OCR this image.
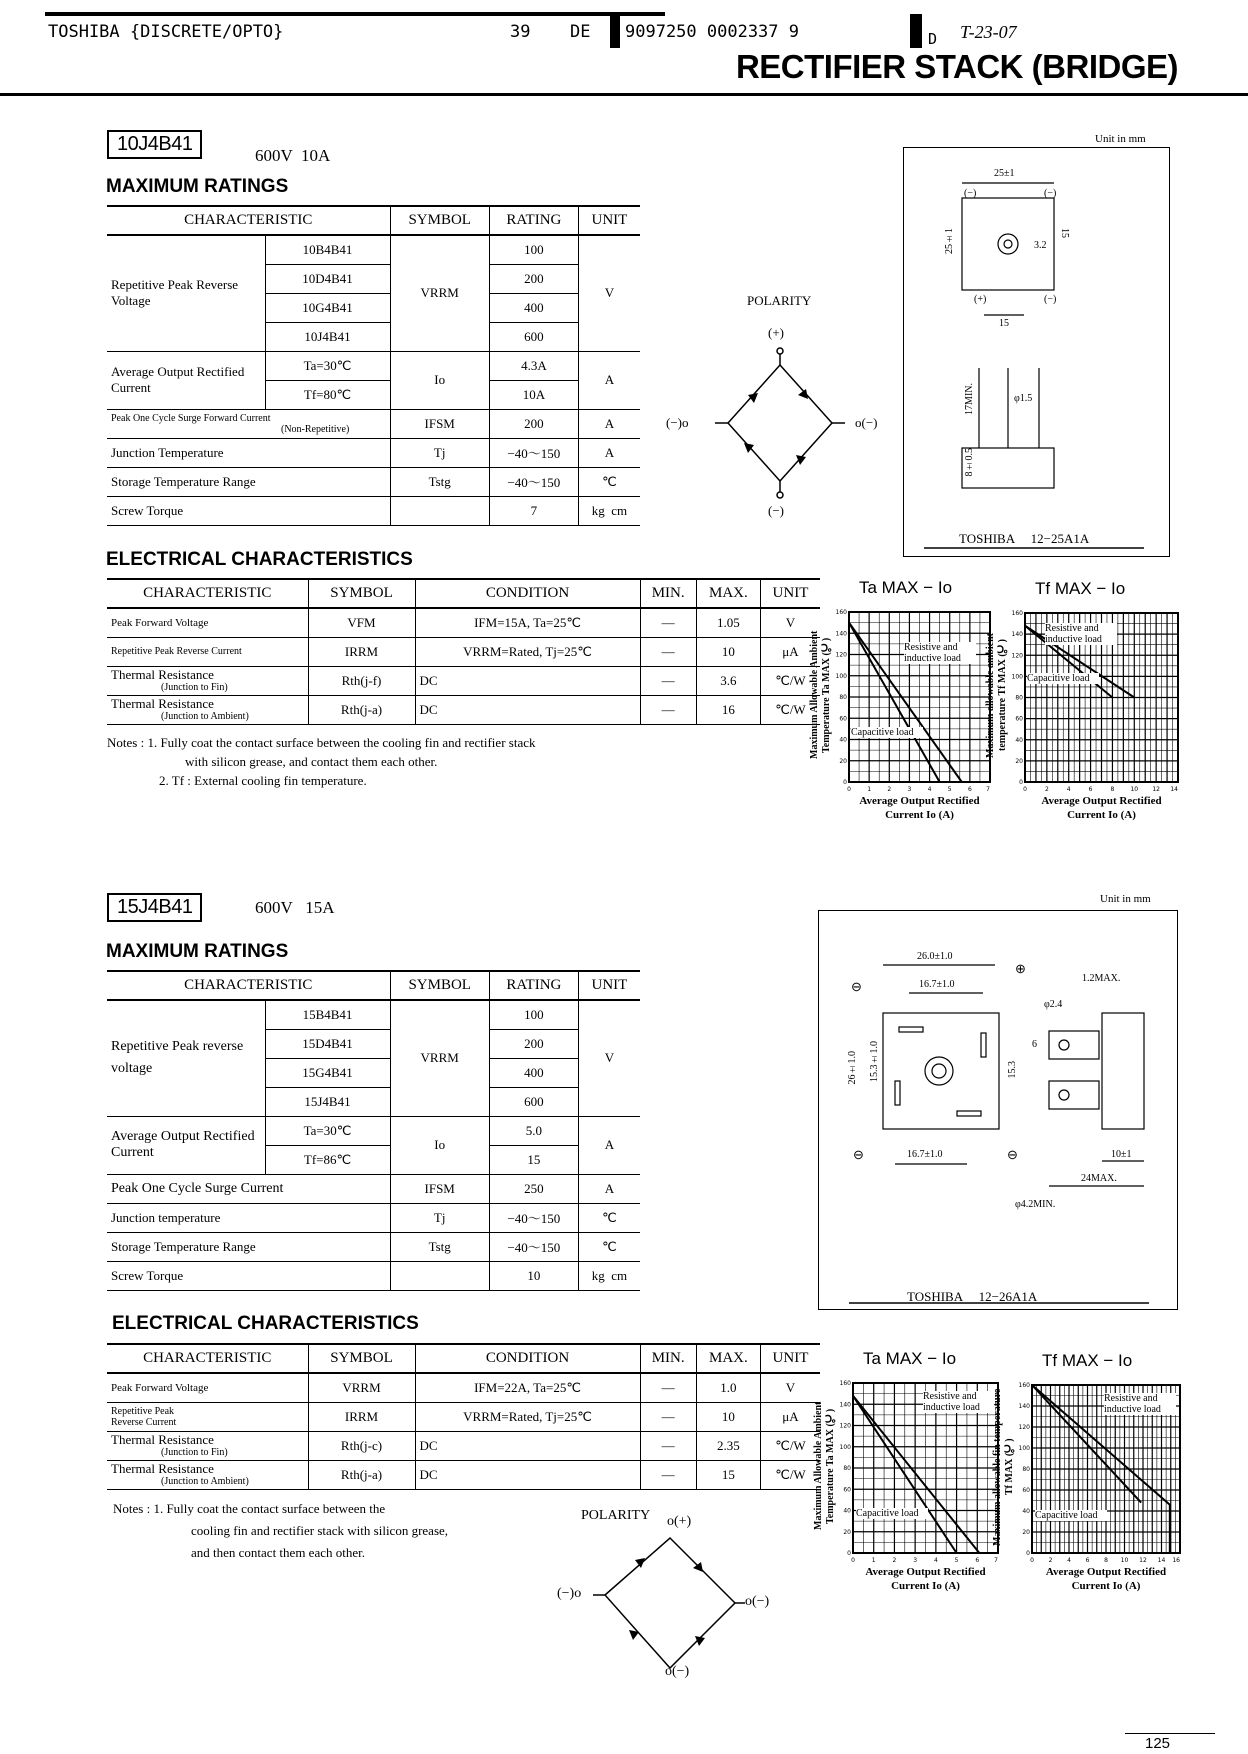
TOSHIBA {DISCRETE/OPTO}	39 DE 9097250 0002337 9	D T-23-07
RECTIFIER STACK (BRIDGE)
10J4B41
600V  10A
MAXIMUM RATINGS
CHARACTERISTIC		SYMBOL	RATING	UNIT
Repetitive Peak Reverse Voltage	10B4B41	VRRM	100	V
	10D4B41		200	
	10G4B41		400	
	10J4B41		600	
Average Output Rectified Current	Ta=30℃	Io	4.3A	A
	Tf=80℃		10A	
Peak One Cycle Surge Forward Current
(Non-Repetitive)		IFSM	200	A
Junction Temperature		Tj	−40～150	A
Storage Temperature Range		Tstg	−40～150	℃
Screw Torque			7	kg  cm
POLARITY
(+)
(−)o	o(−)
(−)
Unit in mm
25±1
(−)	(−)
(+)	(−)
25±1	3.2
15
15
φ1.5
17MIN.
8±0.5
TOSHIBA     12−25A1A
ELECTRICAL CHARACTERISTICS
CHARACTERISTIC	SYMBOL	CONDITION	MIN.	MAX.	UNIT
Peak Forward Voltage	VFM	IFM=15A, Ta=25℃	—	1.05	V
Repetitive Peak Reverse Current	IRRM	VRRM=Rated, Tj=25℃	—	10	μA
Thermal Resistance
(Junction to Fin)	Rth(j-f)	DC	—	3.6	℃/W
Thermal Resistance
(Junction to Ambient)	Rth(j-a)	DC	—	16	℃/W
Notes : 1. Fully coat the contact surface between the cooling fin and rectifier stack
with silicon grease, and contact them each other.
2. Tf : External cooling fin temperature.
15J4B41	600V   15A
MAXIMUM RATINGS
CHARACTERISTIC		SYMBOL	RATING	UNIT
Repetitive Peak reverse voltage	15B4B41	VRRM	100	V
	15D4B41		200	
	15G4B41		400	
	15J4B41		600	
Average Output Rectified Current	Ta=30℃	Io	5.0	A
	Tf=86℃		15	
Peak One Cycle Surge Current		IFSM	250	A
Junction temperature		Tj	−40～150	℃
Storage Temperature Range		Tstg	−40～150	℃
Screw Torque			10	kg  cm
Unit in mm
26.0±1.0
16.7±1.0
⊖
⊕
1.2MAX.
φ2.4
6
26±1.0 15.3±1.0	15.3
⊖	16.7±1.0	⊖	10±1
24MAX.
φ4.2MIN.
TOSHIBA     12−26A1A
ELECTRICAL CHARACTERISTICS
CHARACTERISTIC	SYMBOL	CONDITION	MIN.	MAX.	UNIT
Peak Forward Voltage	VRRM	IFM=22A, Ta=25℃	—	1.0	V
Repetitive Peak
Reverse Current	IRRM	VRRM=Rated, Tj=25℃	—	10	μA
Thermal Resistance
(Junction to Fin)	Rth(j-c)	DC	—	2.35	℃/W
Thermal Resistance
(Junction to Ambient)	Rth(j-a)	DC	—	15	℃/W
Notes : 1. Fully coat the contact surface between the
cooling fin and rectifier stack with silicon grease,
and then contact them each other.
POLARITY o(+)
(−)o
o(−)
o(−)
Ta MAX − Io
Maximum Allowable Ambient Temperature Ta MAX (℃)
Average Output Rectified Current Io (A)
0
20
40
60
80
100
120
140
160
0	1	2	3	4	5	6 7
Resistive and inductive load
Capacitive load
Tf MAX − Io
Maximum allowable ambient temperature Tf MAX (℃)
Average Output Rectified Current Io (A)
0
20
40
60
80
100
120
140
160
0	2	4	6	8	10 12 14
Resistive and inductive load
Capacitive load
Ta MAX − Io
Maximum Allowable Ambient Temperature Ta MAX (℃)
Average Output Rectified Current Io (A)
0
20
40
60
80
100
120
140
160
0	1	2	3	4	5	6 7
Resistive and inductive load
Capacitive load
Tf MAX − Io
Maximum allowable fin temperature Tf MAX (℃)
Average Output Rectified Current Io (A)
0
20
40
60
80
100
120
140
160
0 2 4 6 8 10 12 14 16
Resistive and inductive load
Capacitive load
125
